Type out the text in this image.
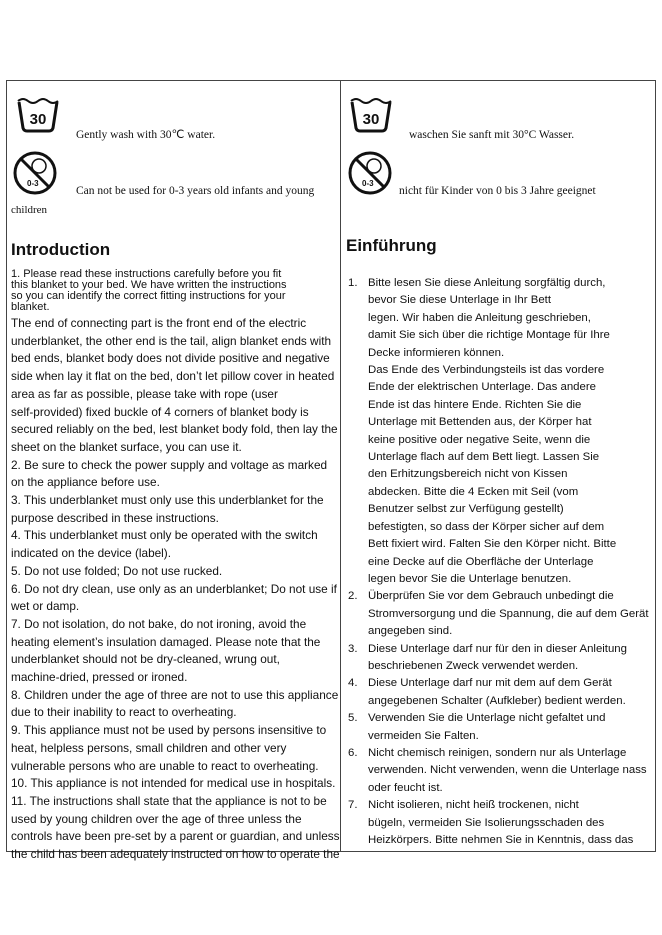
30
Gently wash with 30℃ water.
0-3
Can not be used for 0-3 years old infants and young
children
Introduction
1. Please read these instructions carefully before you fit
this blanket to your bed. We have written the instructions
so you can identify the correct fitting instructions for your
blanket.
The end of connecting part is the front end of the electric
underblanket, the other end is the tail, align blanket ends with
bed ends, blanket body does not divide positive and negative
side when lay it flat on the bed, don’t let pillow cover in heated
area as far as possible, please take with rope (user
self-provided) fixed buckle of 4 corners of blanket body is
secured reliably on the bed, lest blanket body fold, then lay the
sheet on the blanket surface, you can use it.
2. Be sure to check the power supply and voltage as marked
on the appliance before use.
3. This underblanket must only use this underblanket for the
purpose described in these instructions.
4. This underblanket must only be operated with the switch
indicated on the device (label).
5. Do not use folded; Do not use rucked.
6. Do not dry clean, use only as an underblanket; Do not use if
wet or damp.
7. Do not isolation, do not bake, do not ironing, avoid the
heating element’s insulation damaged. Please note that the
underblanket should not be dry-cleaned, wrung out,
machine-dried, pressed or ironed.
8. Children under the age of three are not to use this appliance
due to their inability to react to overheating.
9. This appliance must not be used by persons insensitive to
heat, helpless persons, small children and other very
vulnerable persons who are unable to react to overheating.
10. This appliance is not intended for medical use in hospitals.
11. The instructions shall state that the appliance is not to be
used by young children over the age of three unless the
controls have been pre-set by a parent or guardian, and unless
the child has been adequately instructed on how to operate the
30
waschen Sie sanft mit 30°C Wasser.
0-3
nicht für Kinder von 0 bis 3 Jahre geeignet
Einführung
1. Bitte lesen Sie diese Anleitung sorgfältig durch,
bevor Sie diese Unterlage in Ihr Bett
legen. Wir haben die Anleitung geschrieben,
damit Sie sich über die richtige Montage für Ihre
Decke informieren können.
Das Ende des Verbindungsteils ist das vordere
Ende der elektrischen Unterlage. Das andere
Ende ist das hintere Ende. Richten Sie die
Unterlage mit Bettenden aus, der Körper hat
keine positive oder negative Seite, wenn die
Unterlage flach auf dem Bett liegt. Lassen Sie
den Erhitzungsbereich nicht von Kissen
abdecken. Bitte die 4 Ecken mit Seil (vom
Benutzer selbst zur Verfügung gestellt)
befestigten, so dass der Körper sicher auf dem
Bett fixiert wird. Falten Sie den Körper nicht. Bitte
eine Decke auf die Oberfläche der Unterlage
legen bevor Sie die Unterlage benutzen.
2. Überprüfen Sie vor dem Gebrauch unbedingt die
Stromversorgung und die Spannung, die auf dem Gerät
angegeben sind.
3. Diese Unterlage darf nur für den in dieser Anleitung
beschriebenen Zweck verwendet werden.
4. Diese Unterlage darf nur mit dem auf dem Gerät
angegebenen Schalter (Aufkleber) bedient werden.
5. Verwenden Sie die Unterlage nicht gefaltet und
vermeiden Sie Falten.
6. Nicht chemisch reinigen, sondern nur als Unterlage
verwenden. Nicht verwenden, wenn die Unterlage nass
oder feucht ist.
7. Nicht isolieren, nicht heiß trockenen, nicht
bügeln, vermeiden Sie Isolierungsschaden des
Heizkörpers. Bitte nehmen Sie in Kenntnis, dass das
